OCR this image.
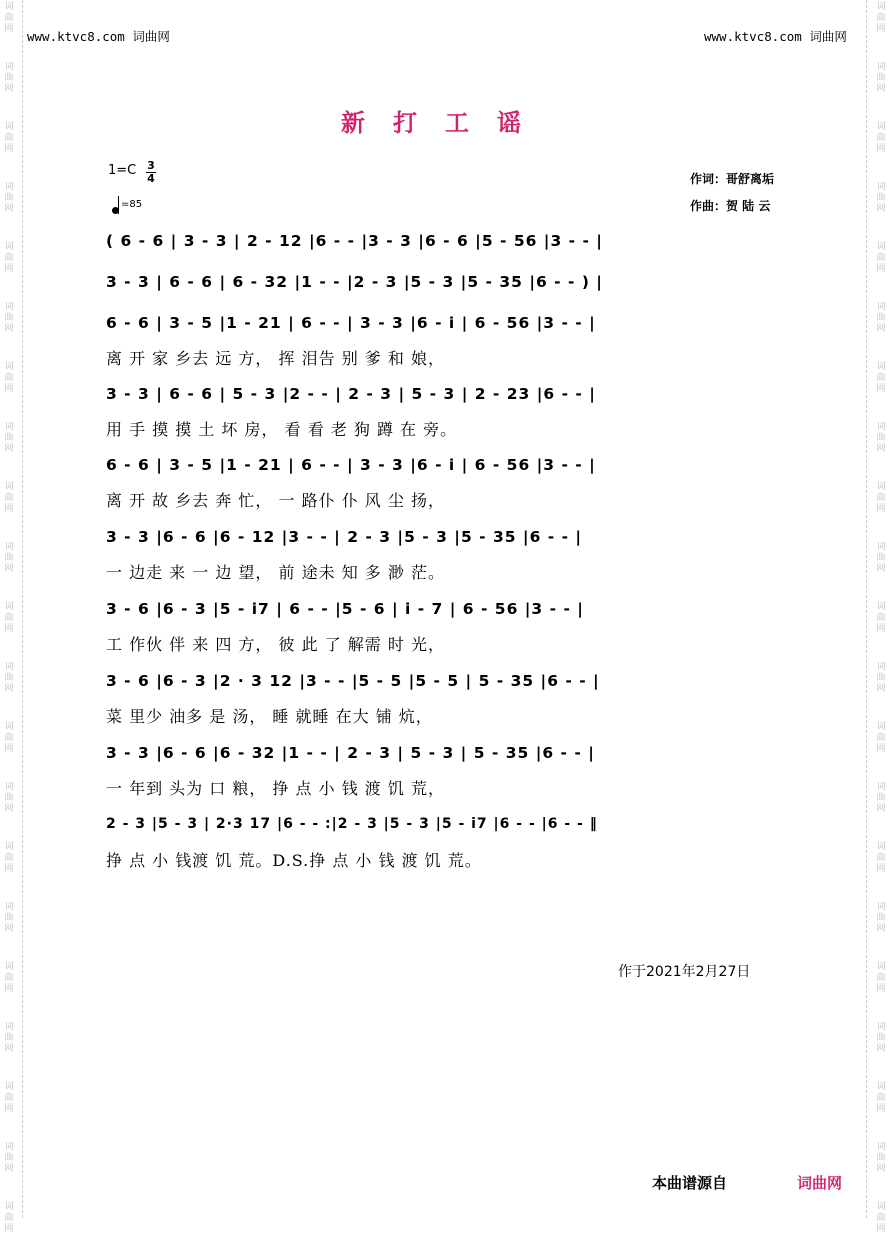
词
曲
网
词
曲
网
词
曲
网
词
曲
网
词
曲
网
词
曲
网
词
曲
网
词
曲
网
词
曲
网
词
曲
网
词
曲
网
词
曲
网
词
曲
网
词
曲
网
词
曲
网
词
曲
网
词
曲
网
词
曲
网
词
曲
网
词
曲
网
词
曲
网
词
曲
网
词
曲
网
词
曲
网
词
曲
网
词
曲
网
词
曲
网
词
曲
网
词
曲
网
词
曲
网
词
曲
网
词
曲
网
词
曲
网
词
曲
网
词
曲
网
词
曲
网
词
曲
网
词
曲
网
词
曲
网
词
曲
网
词
曲
网
词
曲
网
www.ktvc8.com 词曲网	www.ktvc8.com 词曲网
新打工谣
1=C 3
4
=85
作词：哥舒离垢
作曲：贺 陆 云
( 6 - 6 | 3 - 3 | 2 - 12 |6 - - |3 - 3 |6 - 6 |5 - 56 |3 - - |
3 - 3 | 6 - 6 | 6 - 32 |1 - - |2 - 3 |5 - 3 |5 - 35 |6 - - ) |
6 - 6 | 3 - 5 |1 - 21 | 6 - - | 3 - 3 |6 - i | 6 - 56 |3 - - |
离 开 家 乡去 远 方， 挥 泪告 别 爹 和 娘，
3 - 3 | 6 - 6 | 5 - 3 |2 - - | 2 - 3 | 5 - 3 | 2 - 23 |6 - - |
用 手 摸 摸 土 坏 房， 看 看 老 狗 蹲 在 旁。
6 - 6 | 3 - 5 |1 - 21 | 6 - - | 3 - 3 |6 - i | 6 - 56 |3 - - |
离 开 故 乡去 奔 忙， 一 路仆 仆 风 尘 扬，
3 - 3 |6 - 6 |6 - 12 |3 - - | 2 - 3 |5 - 3 |5 - 35 |6 - - |
一 边走 来 一 边 望， 前 途未 知 多 渺 茫。
3 - 6 |6 - 3 |5 - i7 | 6 - - |5 - 6 | i - 7 | 6 - 56 |3 - - |
工 作伙 伴 来 四 方， 彼 此 了 解需 时 光，
3 - 6 |6 - 3 |2 · 3 12 |3 - - |5 - 5 |5 - 5 | 5 - 35 |6 - - |
菜 里少 油多 是 汤， 睡 就睡 在大 铺 炕，
3 - 3 |6 - 6 |6 - 32 |1 - - | 2 - 3 | 5 - 3 | 5 - 35 |6 - - |
一 年到 头为 口 粮， 挣 点 小 钱 渡 饥 荒，
2 - 3 |5 - 3 | 2·3 17 |6 - - :|2 - 3 |5 - 3 |5 - i7 |6 - - |6 - - ‖
挣 点 小 钱渡 饥 荒。D.S.挣 点 小 钱 渡 饥 荒。
作于2021年2月27日
本曲谱源自	词曲网
